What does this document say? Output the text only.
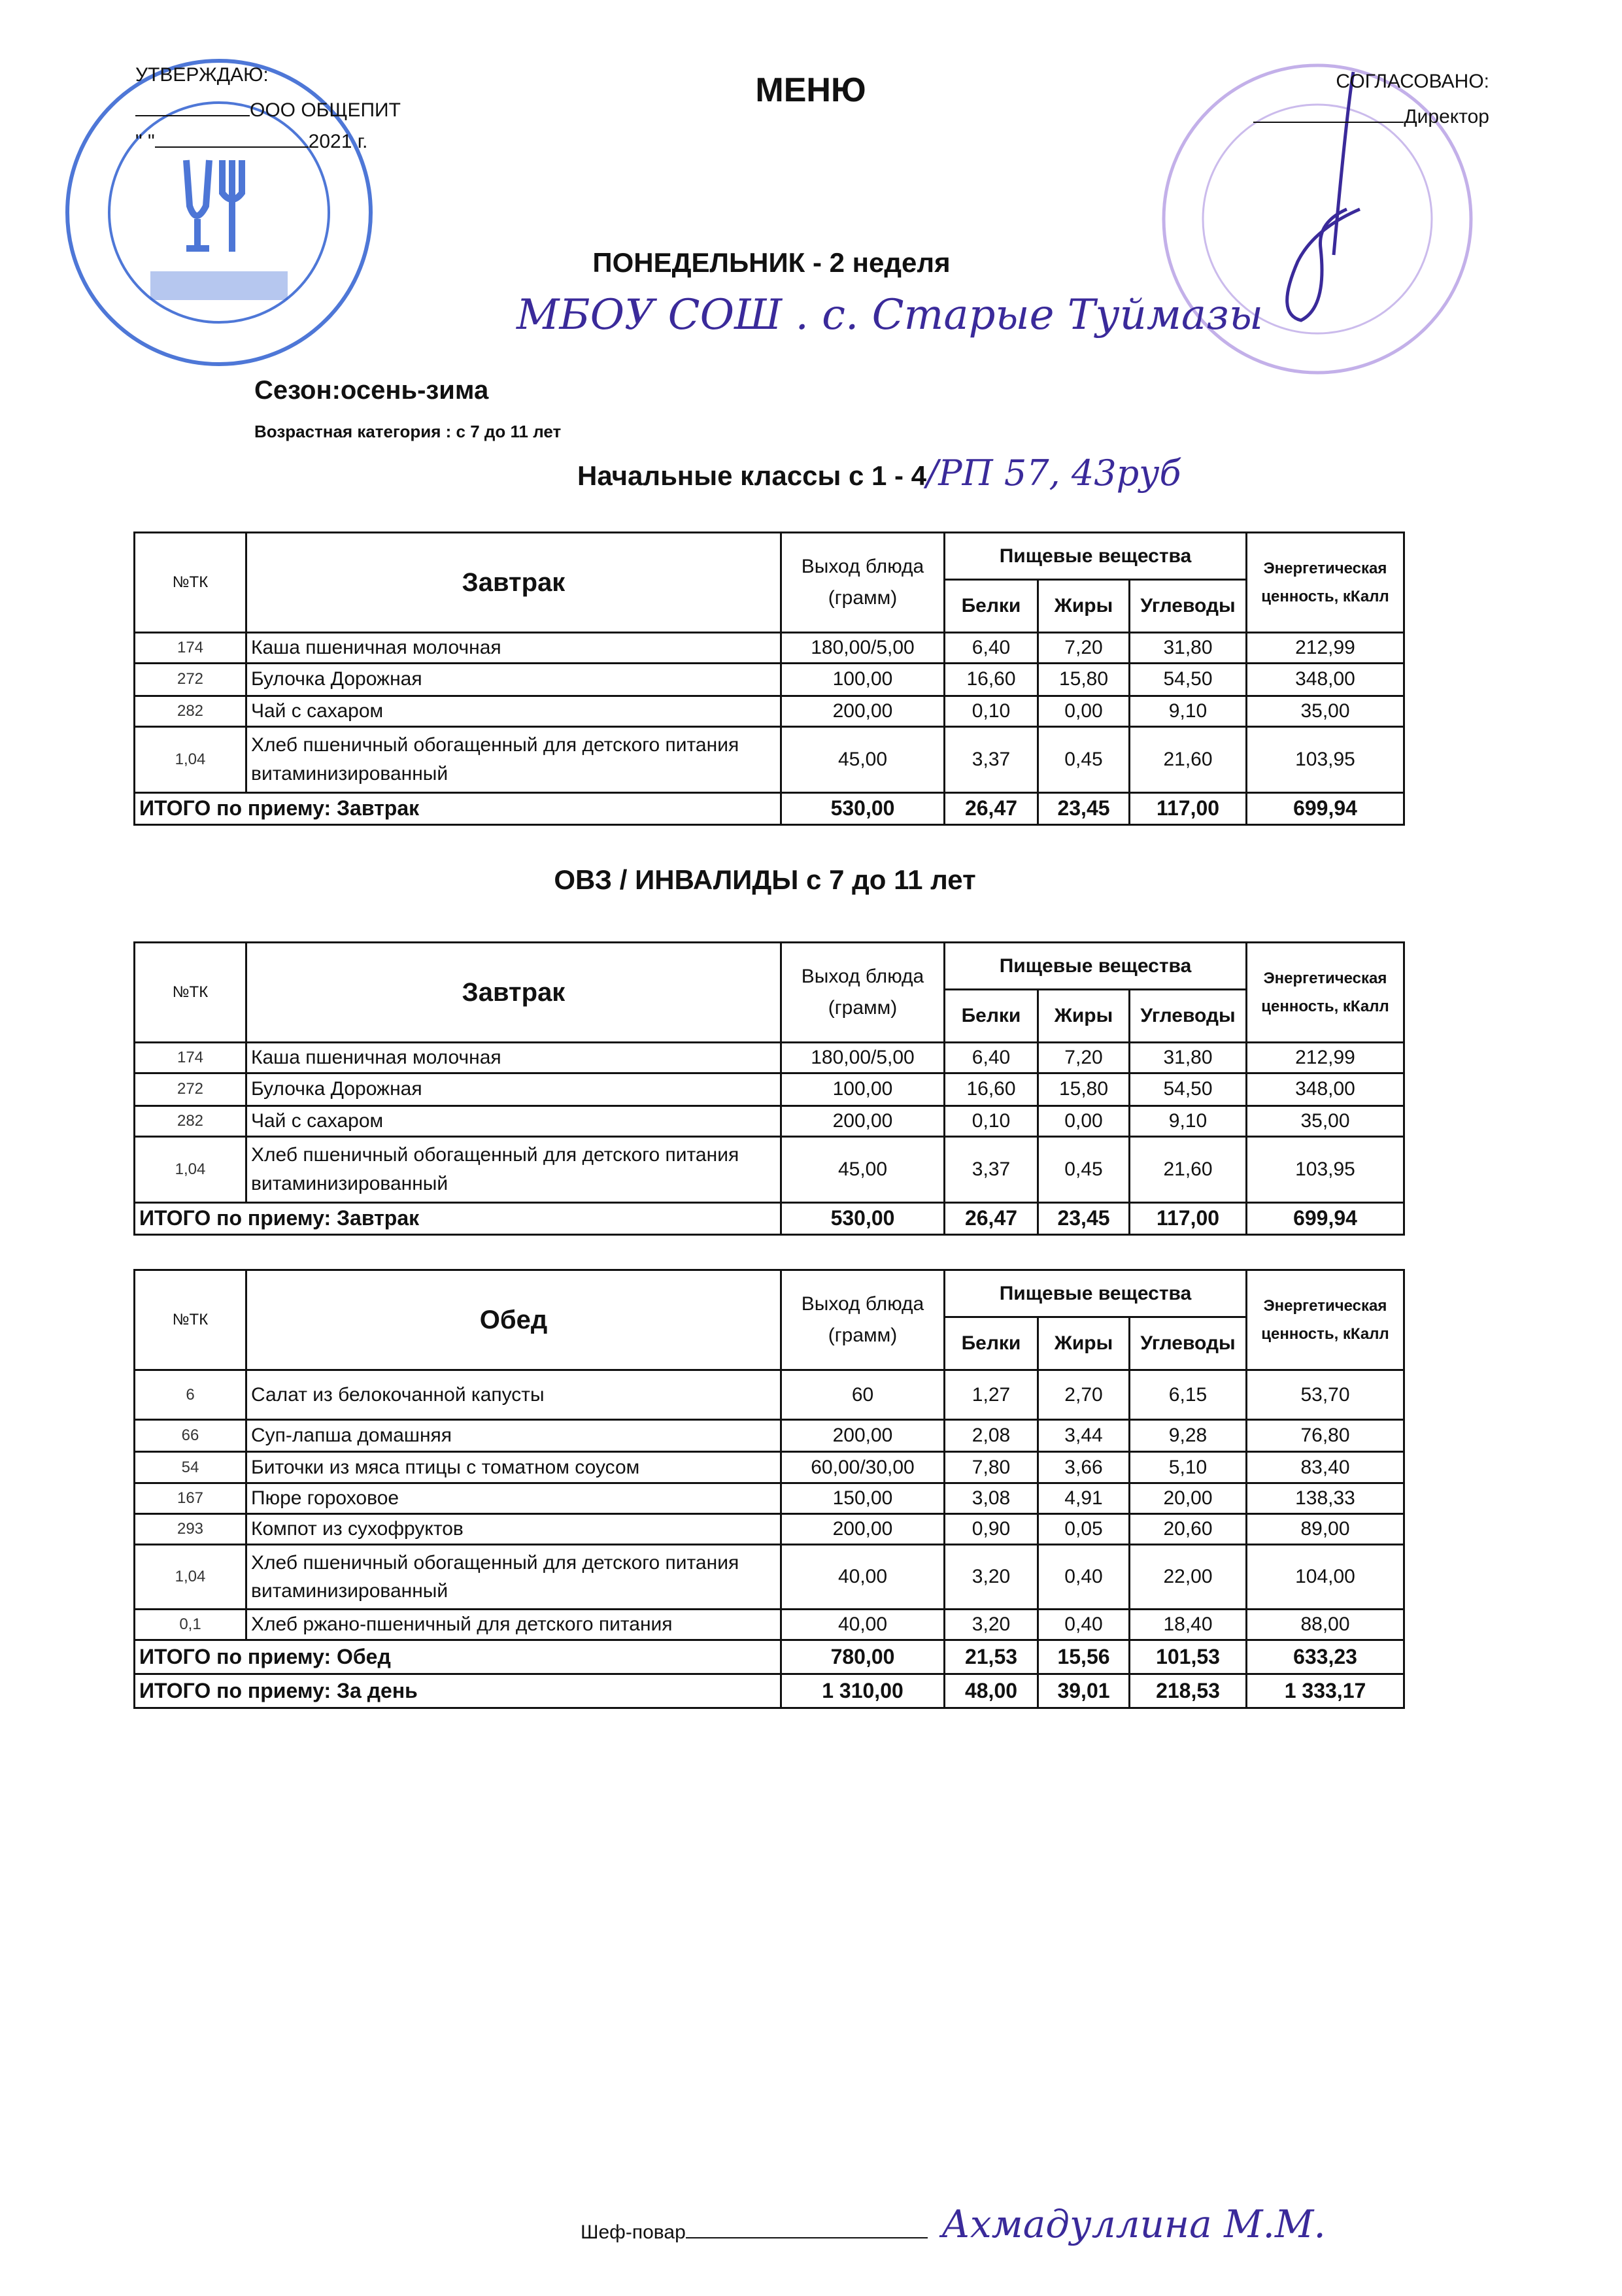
МЕНЮ
УТВЕРЖДАЮ:
ООО ОБЩЕПИТ
" "	2021 г.
СОГЛАСОВАНО:
Директор
ПОНЕДЕЛЬНИК - 2 неделя
МБОУ СОШ . с. Старые Туймазы
Сезон:осень-зима
Возрастная категория : с 7 до 11 лет
Начальные классы с 1 - 4/РП 57, 43руб
№ТК	Завтрак	Выход блюда (грамм)	Пищевые вещества			Энергетическая ценность, кКалл
			Белки	Жиры	Углеводы	
174	Каша пшеничная молочная	180,00/5,00	6,40	7,20	31,80	212,99
272	Булочка Дорожная	100,00	16,60	15,80	54,50	348,00
282	Чай с сахаром	200,00	0,10	0,00	9,10	35,00
1,04	Хлеб пшеничный обогащенный для детского питания витаминизированный	45,00	3,37	0,45	21,60	103,95
ИТОГО по приему: Завтрак		530,00	26,47	23,45	117,00	699,94
ОВЗ / ИНВАЛИДЫ с 7 до 11 лет
№ТК	Завтрак	Выход блюда (грамм)	Пищевые вещества			Энергетическая ценность, кКалл
			Белки	Жиры	Углеводы	
174	Каша пшеничная молочная	180,00/5,00	6,40	7,20	31,80	212,99
272	Булочка Дорожная	100,00	16,60	15,80	54,50	348,00
282	Чай с сахаром	200,00	0,10	0,00	9,10	35,00
1,04	Хлеб пшеничный обогащенный для детского питания витаминизированный	45,00	3,37	0,45	21,60	103,95
ИТОГО по приему: Завтрак		530,00	26,47	23,45	117,00	699,94
№ТК	Обед	Выход блюда (грамм)	Пищевые вещества			Энергетическая ценность, кКалл
			Белки	Жиры	Углеводы	
6	Салат из белокочанной капусты	60	1,27	2,70	6,15	53,70
66	Суп-лапша домашняя	200,00	2,08	3,44	9,28	76,80
54	Биточки из мяса птицы с томатном соусом	60,00/30,00	7,80	3,66	5,10	83,40
167	Пюре гороховое	150,00	3,08	4,91	20,00	138,33
293	Компот из сухофруктов	200,00	0,90	0,05	20,60	89,00
1,04	Хлеб пшеничный обогащенный для детского питания витаминизированный	40,00	3,20	0,40	22,00	104,00
0,1	Хлеб ржано-пшеничный для детского питания	40,00	3,20	0,40	18,40	88,00
ИТОГО по приему: Обед		780,00	21,53	15,56	101,53	633,23
ИТОГО по приему: За день		1 310,00	48,00	39,01	218,53	1 333,17
Шеф-повар	Ахмадуллина М.М.
